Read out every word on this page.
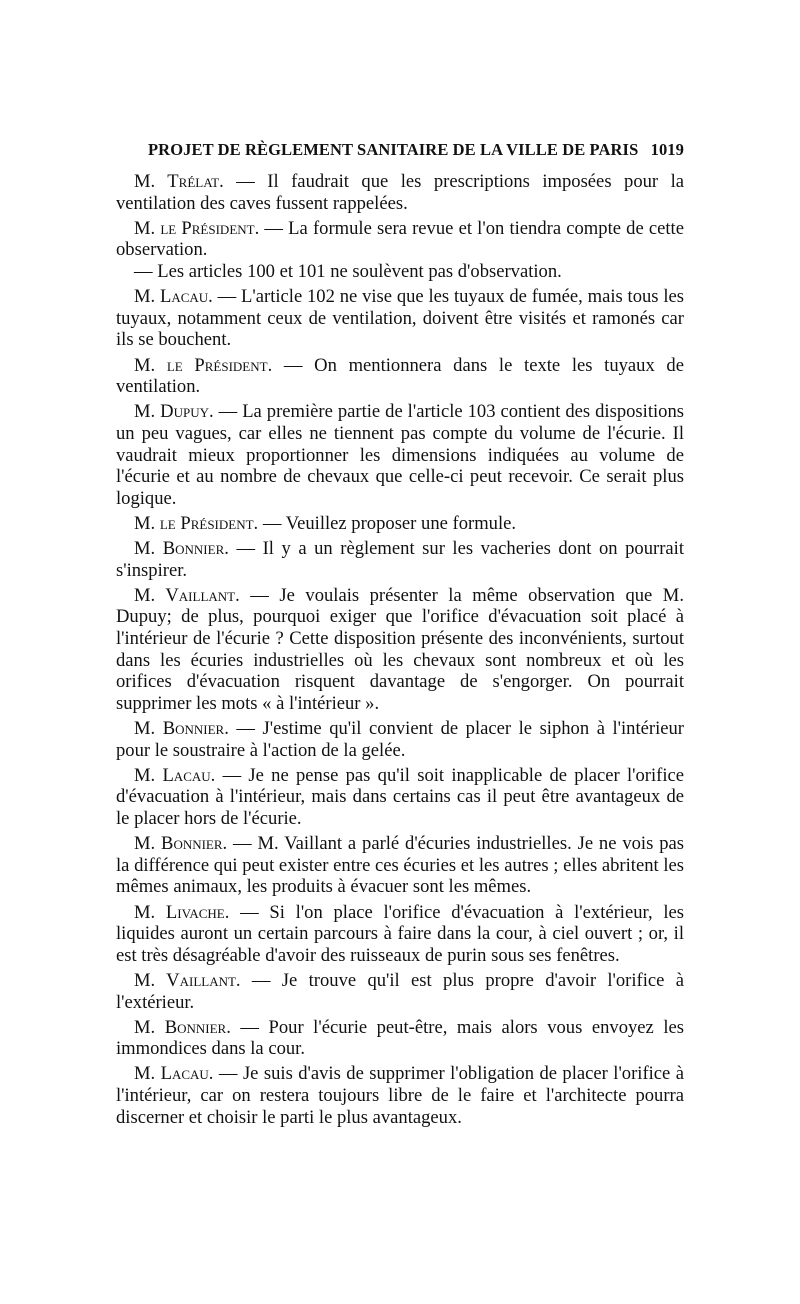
PROJET DE RÈGLEMENT SANITAIRE DE LA VILLE DE PARIS 1019

M. Trélat. — Il faudrait que les prescriptions imposées pour la ventilation des caves fussent rappelées.

M. le Président. — La formule sera revue et l'on tiendra compte de cette observation.

— Les articles 100 et 101 ne soulèvent pas d'observation.

M. Lacau. — L'article 102 ne vise que les tuyaux de fumée, mais tous les tuyaux, notamment ceux de ventilation, doivent être visités et ramonés car ils se bouchent.

M. le Président. — On mentionnera dans le texte les tuyaux de ventilation.

M. Dupuy. — La première partie de l'article 103 contient des dispositions un peu vagues, car elles ne tiennent pas compte du volume de l'écurie. Il vaudrait mieux proportionner les dimensions indiquées au volume de l'écurie et au nombre de chevaux que celle-ci peut recevoir. Ce serait plus logique.

M. le Président. — Veuillez proposer une formule.

M. Bonnier. — Il y a un règlement sur les vacheries dont on pourrait s'inspirer.

M. Vaillant. — Je voulais présenter la même observation que M. Dupuy; de plus, pourquoi exiger que l'orifice d'évacuation soit placé à l'intérieur de l'écurie ? Cette disposition présente des inconvénients, surtout dans les écuries industrielles où les chevaux sont nombreux et où les orifices d'évacuation risquent davantage de s'engorger. On pourrait supprimer les mots « à l'intérieur ».

M. Bonnier. — J'estime qu'il convient de placer le siphon à l'intérieur pour le soustraire à l'action de la gelée.

M. Lacau. — Je ne pense pas qu'il soit inapplicable de placer l'orifice d'évacuation à l'intérieur, mais dans certains cas il peut être avantageux de le placer hors de l'écurie.

M. Bonnier. — M. Vaillant a parlé d'écuries industrielles. Je ne vois pas la différence qui peut exister entre ces écuries et les autres ; elles abritent les mêmes animaux, les produits à évacuer sont les mêmes.

M. Livache. — Si l'on place l'orifice d'évacuation à l'extérieur, les liquides auront un certain parcours à faire dans la cour, à ciel ouvert ; or, il est très désagréable d'avoir des ruisseaux de purin sous ses fenêtres.

M. Vaillant. — Je trouve qu'il est plus propre d'avoir l'orifice à l'extérieur.

M. Bonnier. — Pour l'écurie peut-être, mais alors vous envoyez les immondices dans la cour.

M. Lacau. — Je suis d'avis de supprimer l'obligation de placer l'orifice à l'intérieur, car on restera toujours libre de le faire et l'architecte pourra discerner et choisir le parti le plus avantageux.
